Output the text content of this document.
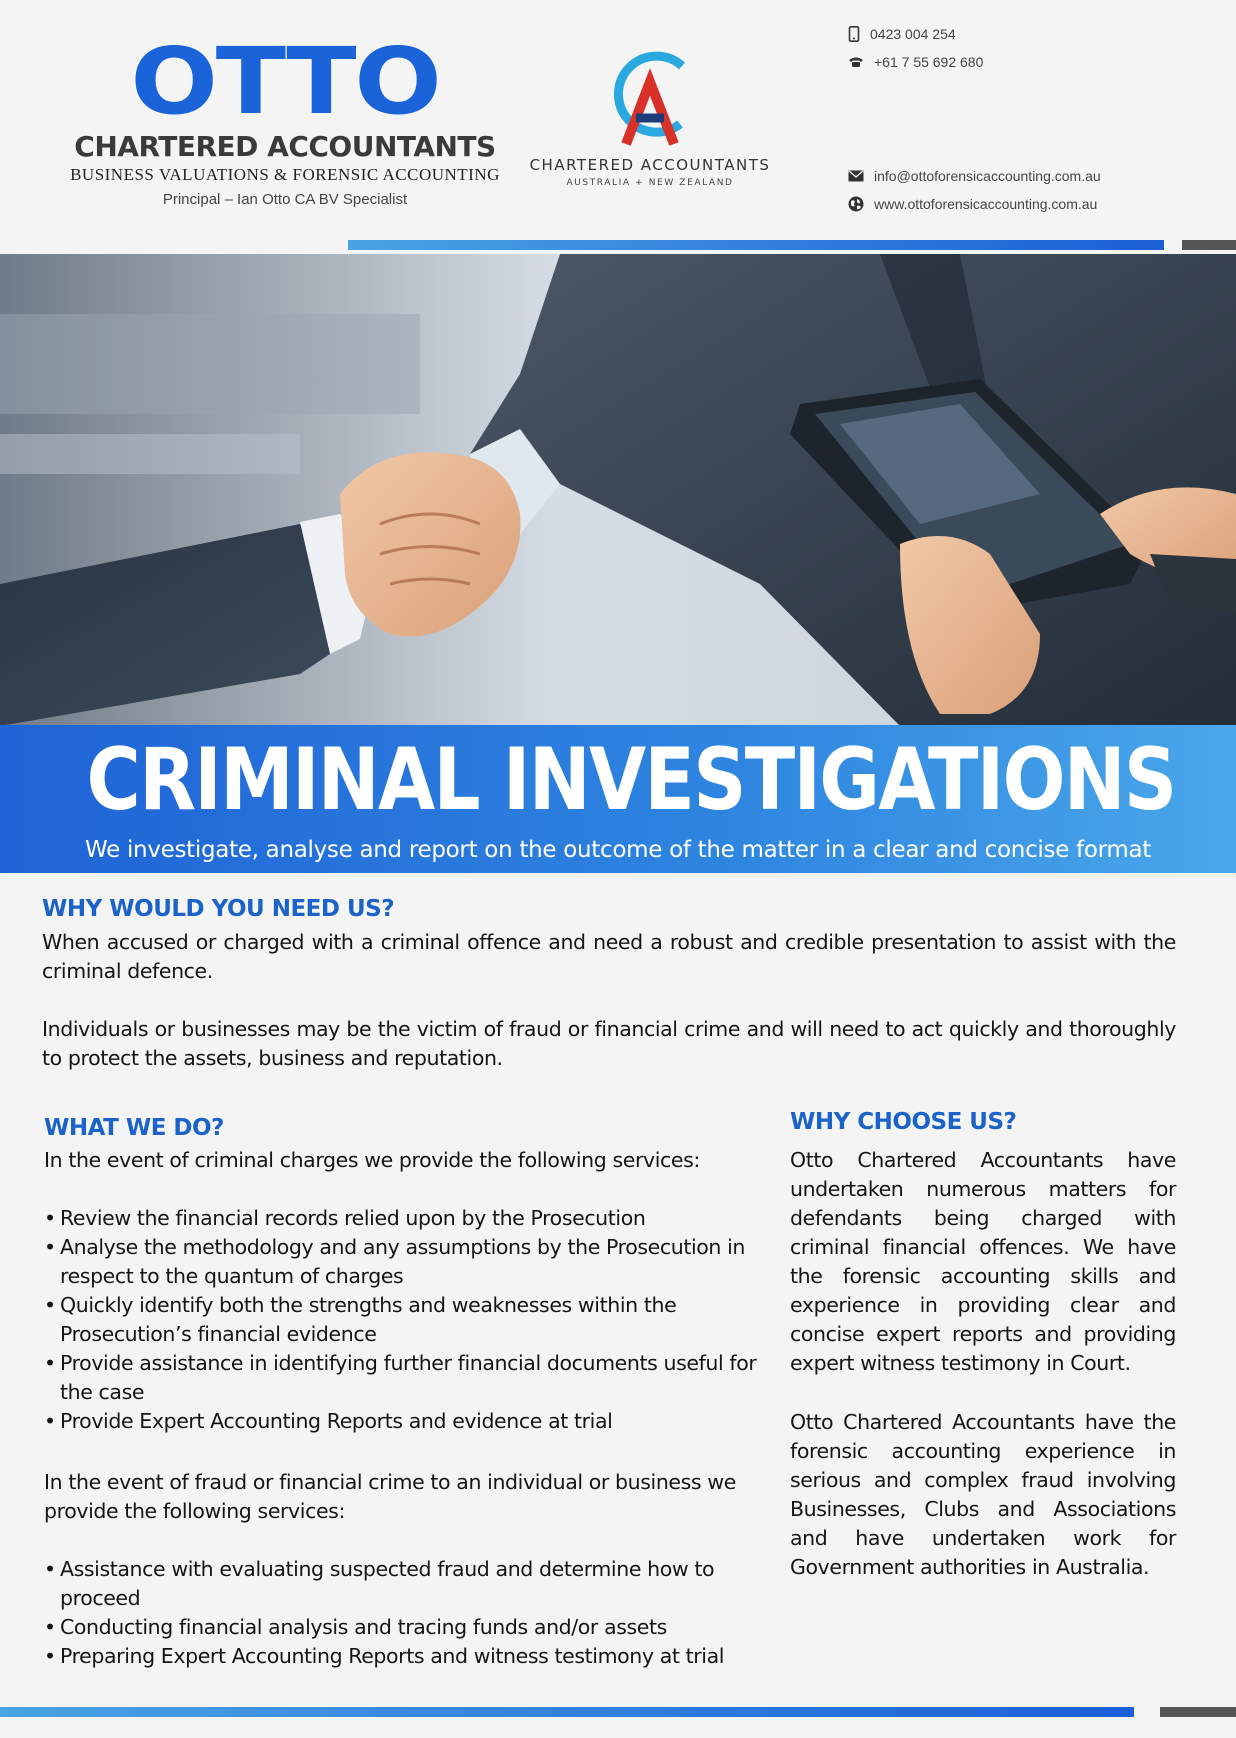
OTTO
CHARTERED ACCOUNTANTS
BUSINESS VALUATIONS & FORENSIC ACCOUNTING
Principal – Ian Otto CA BV Specialist
CHARTERED ACCOUNTANTS
AUSTRALIA + NEW ZEALAND
0423 004 254
+61 7 55 692 680
info@ottoforensicaccounting.com.au
www.ottoforensicaccounting.com.au
CRIMINAL INVESTIGATIONS
We investigate, analyse and report on the outcome of the matter in a clear and concise format
WHY WOULD YOU NEED US?
When accused or charged with a criminal offence and need a robust and credible presentation to assist with the criminal defence.
Individuals or businesses may be the victim of fraud or financial crime and will need to act quickly and thoroughly to protect the assets, business and reputation.
WHAT WE DO?
In the event of criminal charges we provide the following services:
• Review the financial records relied upon by the Prosecution
• Analyse the methodology and any assumptions by the Prosecution in respect to the quantum of charges
• Quickly identify both the strengths and weaknesses within the Prosecution’s financial evidence
• Provide assistance in identifying further financial documents useful for the case
• Provide Expert Accounting Reports and evidence at trial
In the event of fraud or financial crime to an individual or business we provide the following services:
• Assistance with evaluating suspected fraud and determine how to proceed
• Conducting financial analysis and tracing funds and/or assets
• Preparing Expert Accounting Reports and witness testimony at trial
WHY CHOOSE US?
Otto Chartered Accountants have undertaken numerous matters for defendants being charged with criminal financial offences. We have the forensic accounting skills and experience in providing clear and concise expert reports and providing expert witness testimony in Court.
Otto Chartered Accountants have the forensic accounting experience in serious and complex fraud involving Businesses, Clubs and Associations and have undertaken work for Government authorities in Australia.
